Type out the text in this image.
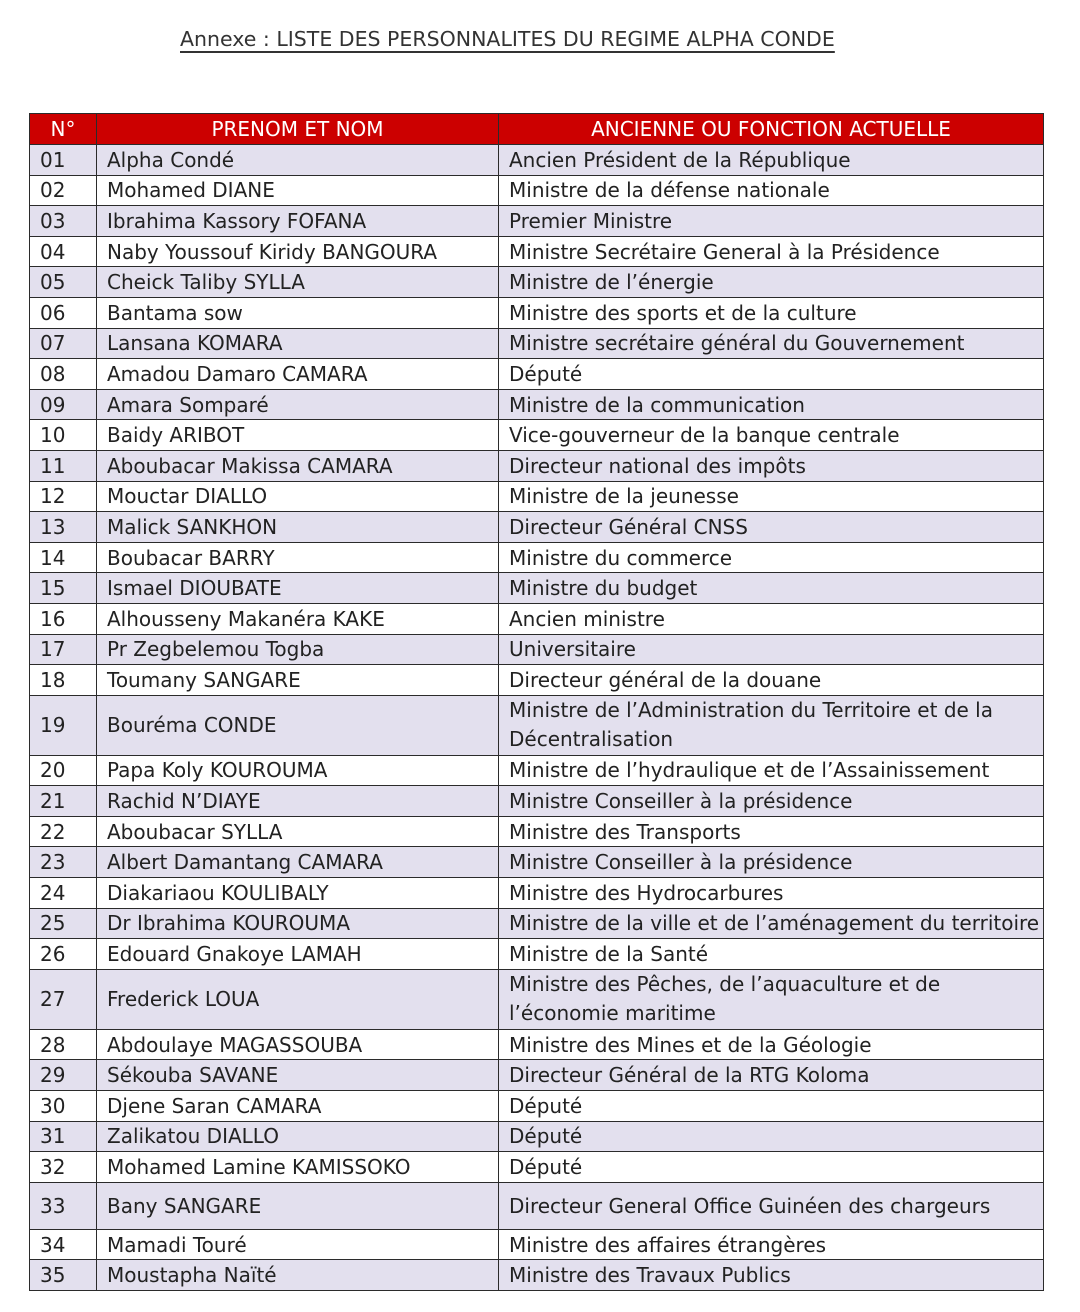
Annexe : LISTE DES PERSONNALITES DU REGIME ALPHA CONDE
N°	PRENOM ET NOM	ANCIENNE OU FONCTION ACTUELLE
01	Alpha Condé	Ancien Président de la République
02	Mohamed DIANE	Ministre de la défense nationale
03	Ibrahima Kassory FOFANA	Premier Ministre
04	Naby Youssouf Kiridy BANGOURA	Ministre Secrétaire General à la Présidence
05	Cheick Taliby SYLLA	Ministre de l’énergie
06	Bantama sow	Ministre des sports et de la culture
07	Lansana KOMARA	Ministre secrétaire général du Gouvernement
08	Amadou Damaro CAMARA	Député
09	Amara Somparé	Ministre de la communication
10	Baidy ARIBOT	Vice-gouverneur de la banque centrale
11	Aboubacar Makissa CAMARA	Directeur national des impôts
12	Mouctar DIALLO	Ministre de la jeunesse
13	Malick SANKHON	Directeur Général CNSS
14	Boubacar BARRY	Ministre du commerce
15	Ismael DIOUBATE	Ministre du budget
16	Alhousseny Makanéra KAKE	Ancien ministre
17	Pr Zegbelemou Togba	Universitaire
18	Toumany SANGARE	Directeur général de la douane
19	Bouréma CONDE	Ministre de l’Administration du Territoire et de la Décentralisation
20	Papa Koly KOUROUMA	Ministre de l’hydraulique et de l’Assainissement
21	Rachid N’DIAYE	Ministre Conseiller à la présidence
22	Aboubacar SYLLA	Ministre des Transports
23	Albert Damantang CAMARA	Ministre Conseiller à la présidence
24	Diakariaou KOULIBALY	Ministre des Hydrocarbures
25	Dr Ibrahima KOUROUMA	Ministre de la ville et de l’aménagement du territoire
26	Edouard Gnakoye LAMAH	Ministre de la Santé
27	Frederick LOUA	Ministre des Pêches, de l’aquaculture et de l’économie maritime
28	Abdoulaye MAGASSOUBA	Ministre des Mines et de la Géologie
29	Sékouba SAVANE	Directeur Général de la RTG Koloma
30	Djene Saran CAMARA	Député
31	Zalikatou DIALLO	Député
32	Mohamed Lamine KAMISSOKO	Député
33	Bany SANGARE	Directeur General Office Guinéen des chargeurs
34	Mamadi Touré	Ministre des affaires étrangères
35	Moustapha Naïté	Ministre des Travaux Publics
